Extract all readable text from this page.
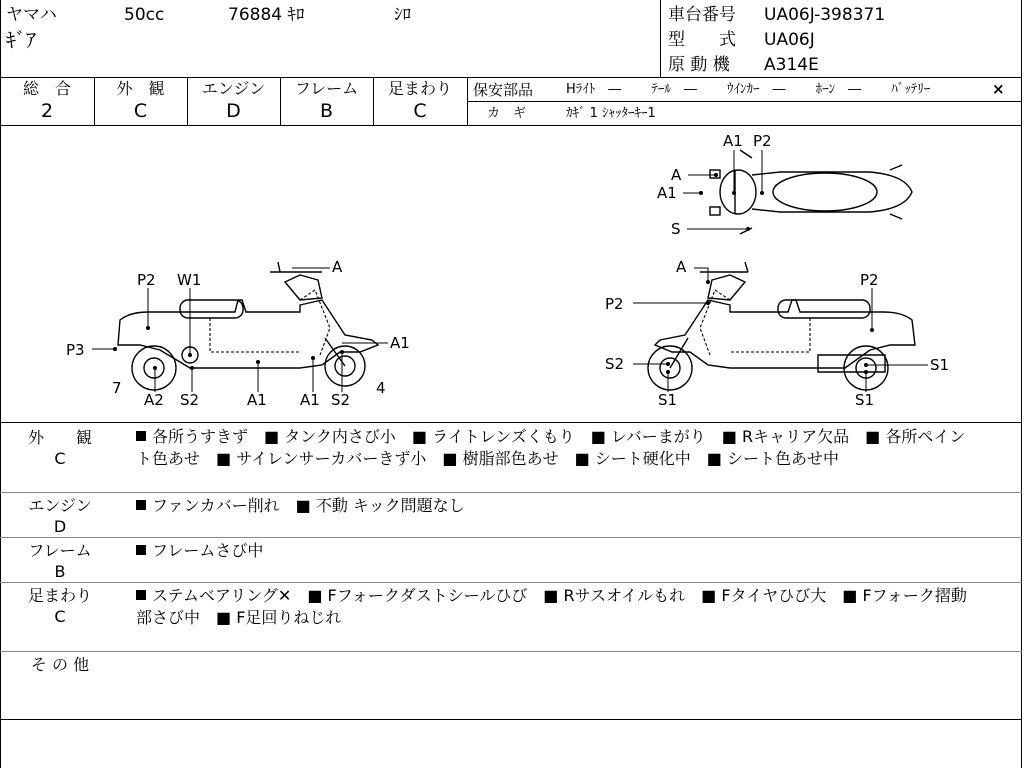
ヤマハ	50cc	76884 ｷﾛ	ｼﾛ
ｷﾞｱ
車台番号 UA06J-398371
型　　式 UA06J
原 動 機 A314E
総　合
2
外　観
C
エンジン
D
フレーム
B
足まわり
C
保安部品	Hﾗｲﾄ　―　　 ﾃｰﾙ　―　　 ｳｲﾝｶｰ　―　　 ﾎｰﾝ　―　　 ﾊﾞｯﾃﾘｰ	×
カ　ギ	ｶｷﾞ 1 ｼｬｯﾀｰｷｰ1
P2 W1
A
P3	A1
7
A2 S2	A1 A1 S2
4
A1 P2
A
A1
S
A
P2
P2
S2
S1
S1
S1
外　　観
C
各所うすきず　■ タンク内さび小　■ ライトレンズくもり　■ レバーまがり　■ Rキャリア欠品　■ 各所ペイン
ト色あせ　■ サイレンサーカバーきず小　■ 樹脂部色あせ　■ シート硬化中　■ シート色あせ中
エンジン
D
ファンカバー削れ　■ 不動 キック問題なし
フレーム
B
フレームさび中
足まわり
C
ステムベアリング✕　■ Fフォークダストシールひび　■ Rサスオイルもれ　■ Fタイヤひび大　■ Fフォーク摺動
部さび中　■ F足回りねじれ
そ の 他
